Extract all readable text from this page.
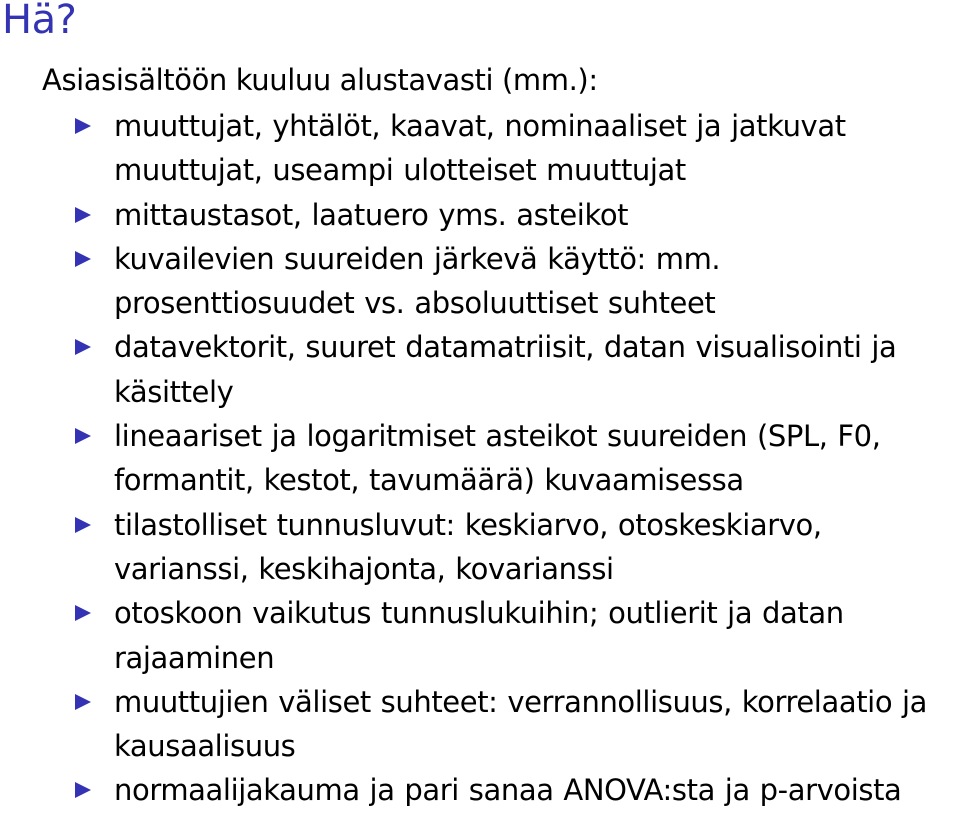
Hä?
Asiasisältöön kuuluu alustavasti (mm.):
muuttujat, yhtälöt, kaavat, nominaaliset ja jatkuvat muuttujat, useampi ulotteiset muuttujat
mittaustasot, laatuero yms. asteikot
kuvailevien suureiden järkevä käyttö: mm. prosenttiosuudet vs. absoluuttiset suhteet
datavektorit, suuret datamatriisit, datan visualisointi ja käsittely
lineaariset ja logaritmiset asteikot suureiden (SPL, F0, formantit, kestot, tavumäärä) kuvaamisessa
tilastolliset tunnusluvut: keskiarvo, otoskeskiarvo, varianssi, keskihajonta, kovarianssi
otoskoon vaikutus tunnuslukuihin; outlierit ja datan rajaaminen
muuttujien väliset suhteet: verrannollisuus, korrelaatio ja kausaalisuus
normaalijakauma ja pari sanaa ANOVA:sta ja p-arvoista
